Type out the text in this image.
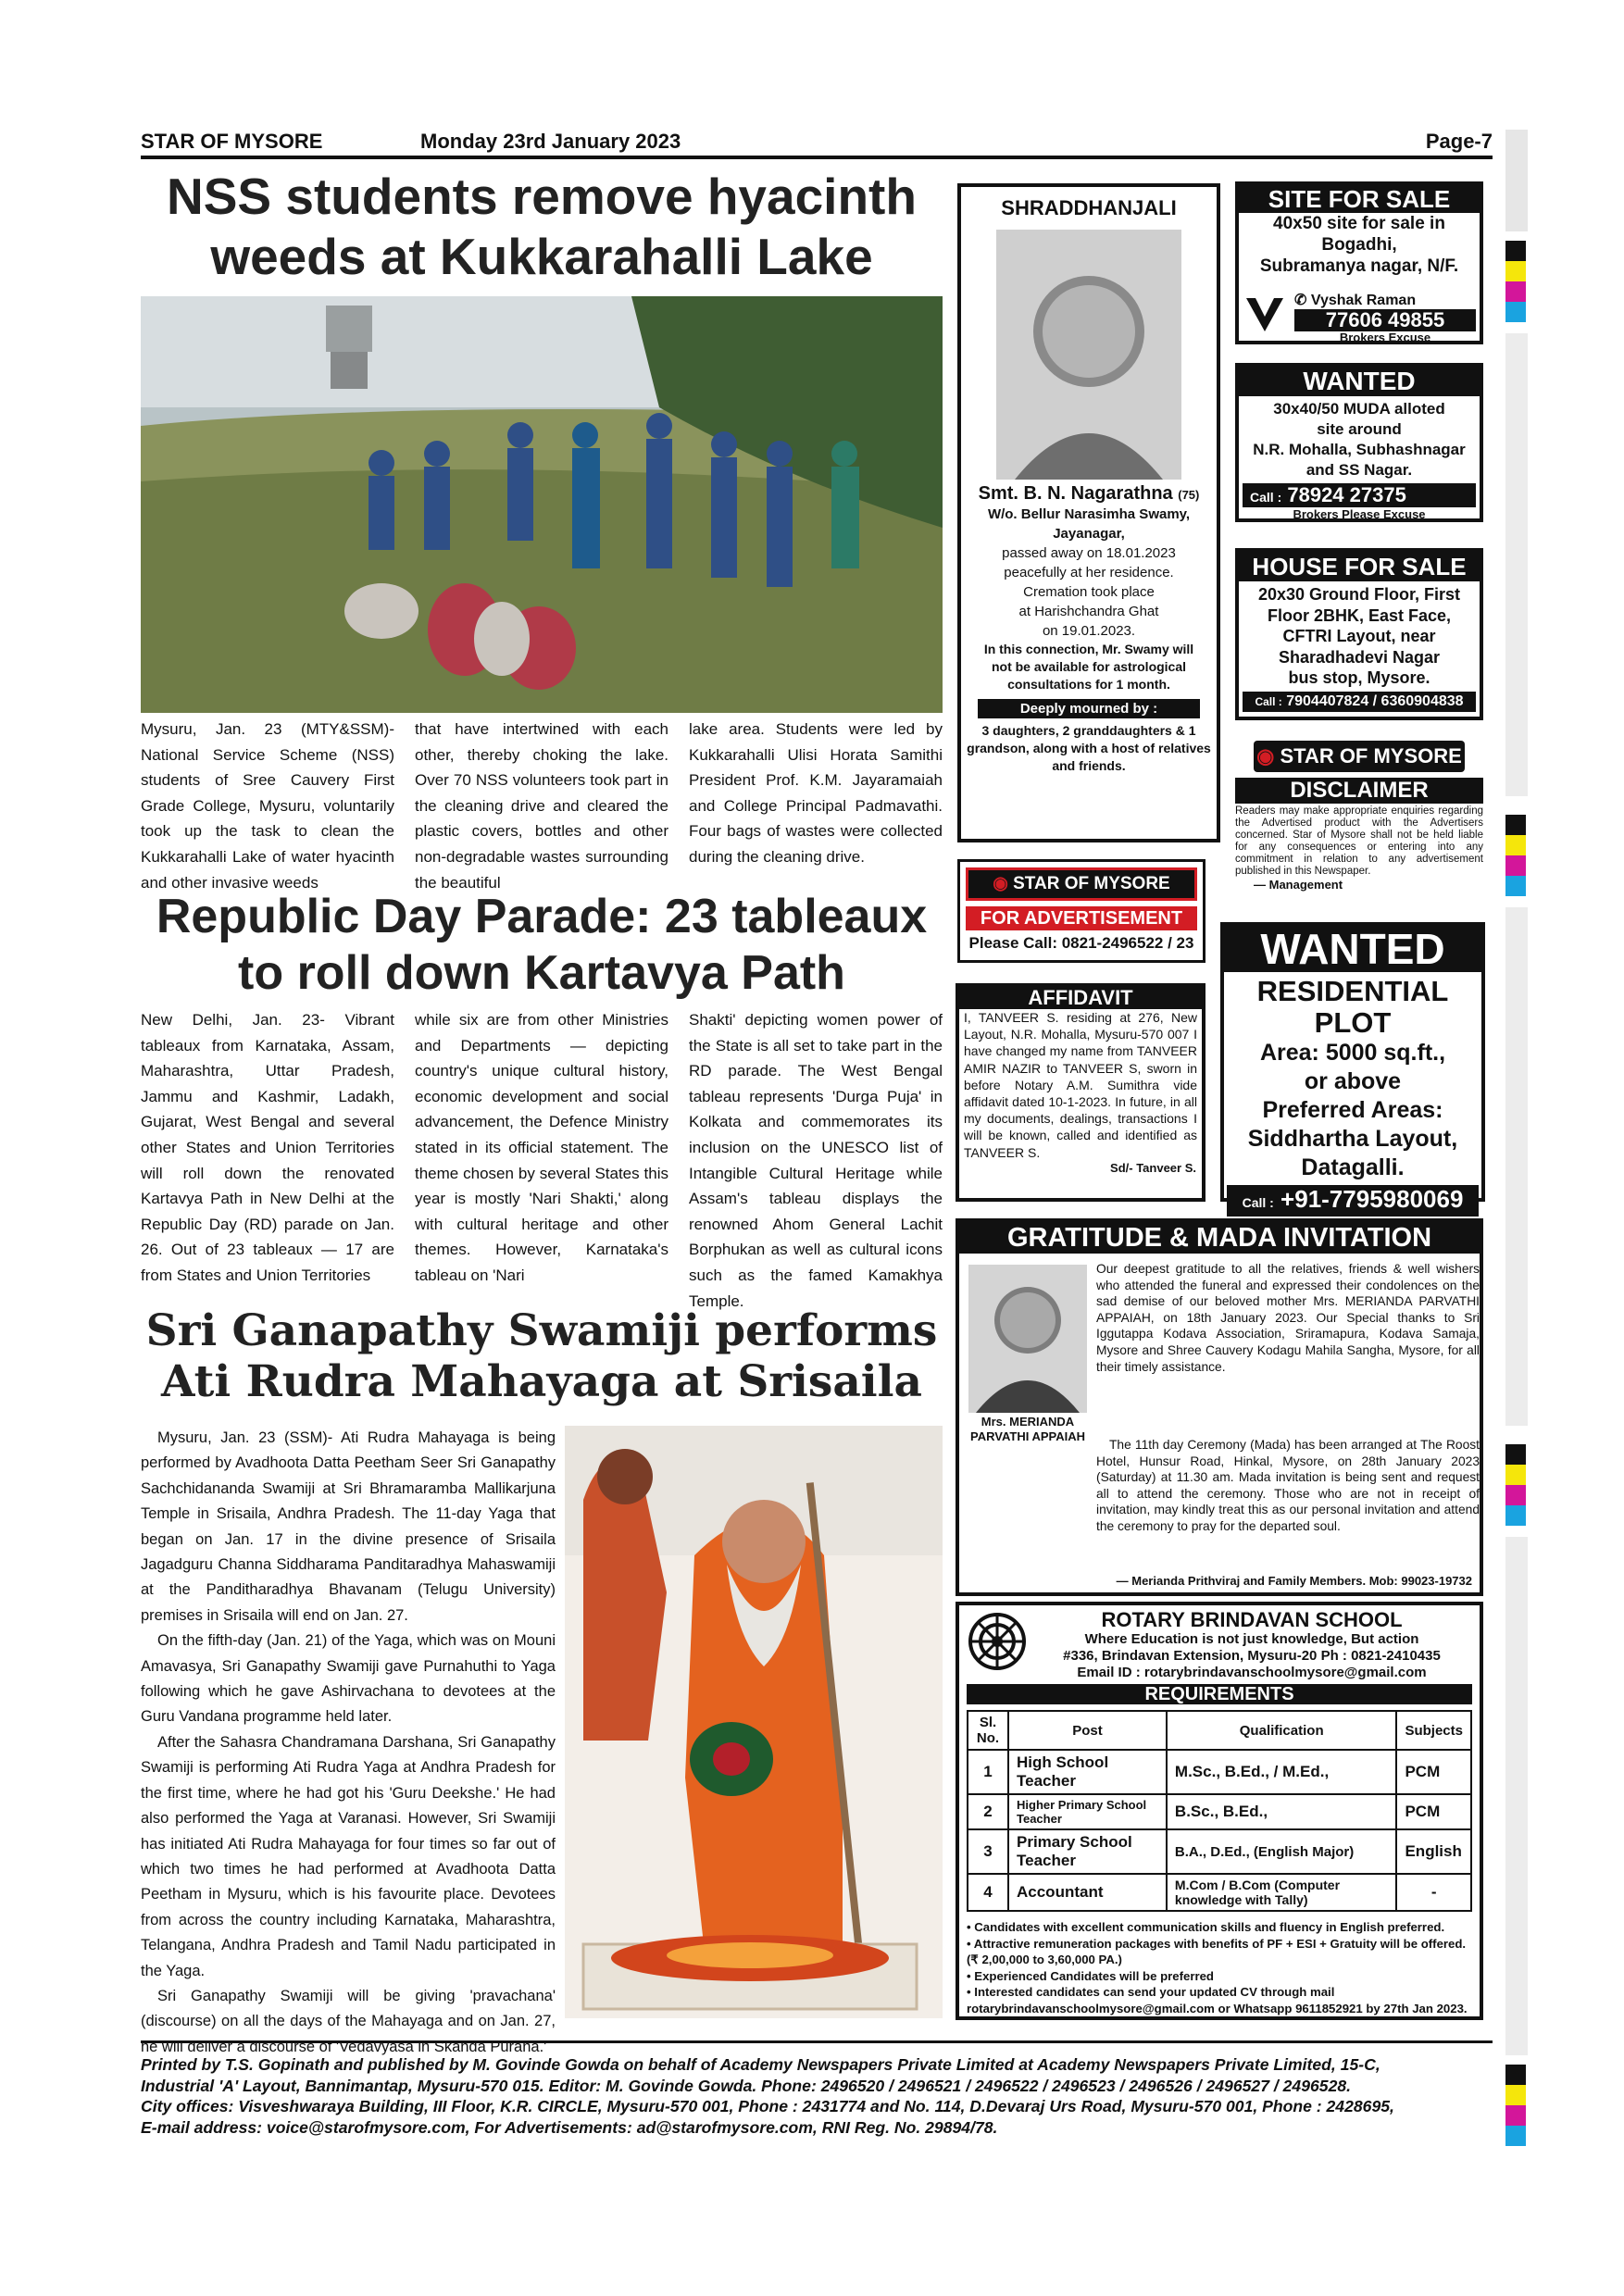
STAR OF MYSORE	Monday 23rd January 2023	Page-7
NSS students remove hyacinth
weeds at Kukkarahalli Lake

Mysuru, Jan. 23 (MTY&SSM)- National Service Scheme (NSS) students of Sree Cauvery First Grade College, Mysuru, voluntarily took up the task to clean the Kukkarahalli Lake of water hyacinth and other invasive weeds

that have intertwined with each other, thereby choking the lake. Over 70 NSS volunteers took part in the cleaning drive and cleared the plastic covers, bottles and other non-degradable wastes surrounding the beautiful

lake area. Students were led by Kukkarahalli Ulisi Horata Samithi President Prof. K.M. Jayaramaiah and College Principal Padmavathi. Four bags of wastes were collected during the cleaning drive.

Republic Day Parade: 23 tableaux
to roll down Kartavya Path

New Delhi, Jan. 23- Vibrant tableaux from Karnataka, Assam, Maharashtra, Uttar Pradesh, Jammu and Kashmir, Ladakh, Gujarat, West Bengal and several other States and Union Territories will roll down the renovated Kartavya Path in New Delhi at the Republic Day (RD) parade on Jan. 26. Out of 23 tableaux — 17 are from States and Union Territories

while six are from other Ministries and Departments — depicting country's unique cultural history, economic development and social advancement, the Defence Ministry stated in its official statement. The theme chosen by several States this year is mostly 'Nari Shakti,' along with cultural heritage and other themes. However, Karnataka's tableau on 'Nari

Shakti' depicting women power of the State is all set to take part in the RD parade. The West Bengal tableau represents 'Durga Puja' in Kolkata and commemorates its inclusion on the UNESCO list of Intangible Cultural Heritage while Assam's tableau displays the renowned Ahom General Lachit Borphukan as well as cultural icons such as the famed Kamakhya Temple.

Sri Ganapathy Swamiji performs
Ati Rudra Mahayaga at Srisaila

Mysuru, Jan. 23 (SSM)- Ati Rudra Mahayaga is being performed by Avadhoota Datta Peetham Seer Sri Ganapathy Sachchidananda Swamiji at Sri Bhramaramba Mallikarjuna Temple in Srisaila, Andhra Pradesh. The 11-day Yaga that began on Jan. 17 in the divine presence of Srisaila Jagadguru Channa Siddharama Panditaradhya Mahaswamiji at the Panditharadhya Bhavanam (Telugu University) premises in Srisaila will end on Jan. 27.

On the fifth-day (Jan. 21) of the Yaga, which was on Mouni Amavasya, Sri Ganapathy Swamiji gave Purnahuthi to Yaga following which he gave Ashirvachana to devotees at the Guru Vandana programme held later.

After the Sahasra Chandramana Darshana, Sri Ganapathy Swamiji is performing Ati Rudra Yaga at Andhra Pradesh for the first time, where he had got his 'Guru Deekshe.' He had also performed the Yaga at Varanasi. However, Sri Swamiji has initiated Ati Rudra Mahayaga for four times so far out of which two times he had performed at Avadhoota Datta Peetham in Mysuru, which is his favourite place. Devotees from across the country including Karnataka, Maharashtra, Telangana, Andhra Pradesh and Tamil Nadu participated in the Yaga.

Sri Ganapathy Swamiji will be giving 'pravachana' (discourse) on all the days of the Mahayaga and on Jan. 27, he will deliver a discourse of 'Vedavyasa in Skanda Purana.'

SHRADDHANJALI
Smt. B. N. Nagarathna (75)
W/o. Bellur Narasimha Swamy,
Jayanagar,
passed away on 18.01.2023
peacefully at her residence.
Cremation took place
at Harishchandra Ghat
on 19.01.2023.
In this connection, Mr. Swamy will not be available for astrological consultations for 1 month.
Deeply mourned by :
3 daughters, 2 granddaughters & 1 grandson, along with a host of relatives and friends.
SITE FOR SALE
40x50 site for sale in
Bogadhi,
Subramanya nagar, N/F.
✆ Vyshak Raman
77606 49855
Brokers Excuse
WANTED
30x40/50 MUDA alloted
site around
N.R. Mohalla, Subhashnagar
and SS Nagar.
Call : 78924 27375
Brokers Please Excuse
HOUSE FOR SALE
20x30 Ground Floor, First
Floor 2BHK, East Face,
CFTRI Layout, near
Sharadhadevi Nagar
bus stop, Mysore.
Call : 7904407824 / 6360904838
◉ STAR OF MYSORE
DISCLAIMER
Readers may make appropriate enquiries regarding the Advertised product with the Advertisers concerned. Star of Mysore shall not be held liable for any consequences or entering into any commitment in relation to any advertisement published in this Newspaper.
— Management
◉ STAR OF MYSORE
FOR ADVERTISEMENT
Please Call: 0821-2496522 / 23
AFFIDAVIT
I, TANVEER S. residing at 276, New Layout, N.R. Mohalla, Mysuru-570 007 I have changed my name from TANVEER AMIR NAZIR to TANVEER S, sworn in before Notary A.M. Sumithra vide affidavit dated 10-1-2023. In future, in all my documents, dealings, transactions I will be known, called and identified as TANVEER S.
Sd/- Tanveer S.
WANTED
RESIDENTIAL
PLOT
Area: 5000 sq.ft.,
or above
Preferred Areas:
Siddhartha Layout,
Datagalli.
Call : +91-7795980069
GRATITUDE & MADA INVITATION
Mrs. MERIANDA PARVATHI APPAIAH
Our deepest gratitude to all the relatives, friends & well wishers who attended the funeral and expressed their condolences on the sad demise of our beloved mother Mrs. MERIANDA PARVATHI APPAIAH, on 18th January 2023. Our Special thanks to Sri Iggutappa Kodava Association, Sriramapura, Kodava Samaja, Mysore and Shree Cauvery Kodagu Mahila Sangha, Mysore, for all their timely assistance.
The 11th day Ceremony (Mada) has been arranged at The Roost Hotel, Hunsur Road, Hinkal, Mysore, on 28th January 2023 (Saturday) at 11.30 am. Mada invitation is being sent and request all to attend the ceremony. Those who are not in receipt of invitation, may kindly treat this as our personal invitation and attend the ceremony to pray for the departed soul.
— Merianda Prithviraj and Family Members. Mob: 99023-19732
ROTARY BRINDAVAN SCHOOL
Where Education is not just knowledge, But action
#336, Brindavan Extension, Mysuru-20 Ph : 0821-2410435
Email ID : rotarybrindavanschoolmysore@gmail.com
REQUIREMENTS
Sl. No.	Post	Qualification	Subjects
1	High School Teacher	M.Sc., B.Ed., / M.Ed.,	PCM
2	Higher Primary School Teacher	B.Sc., B.Ed.,	PCM
3	Primary School Teacher	B.A., D.Ed., (English Major)	English
4	Accountant	M.Com / B.Com (Computer knowledge with Tally)	-
• Candidates with excellent communication skills and fluency in English preferred.
• Attractive remuneration packages with benefits of PF + ESI + Gratuity will be offered. (₹ 2,00,000 to 3,60,000 PA.)
• Experienced Candidates will be preferred
• Interested candidates can send your updated CV through mail rotarybrindavanschoolmysore@gmail.com or Whatsapp 9611852921 by 27th Jan 2023.
Printed by T.S. Gopinath and published by M. Govinde Gowda on behalf of Academy Newspapers Private Limited at Academy Newspapers Private Limited, 15-C,
Industrial 'A' Layout, Bannimantap, Mysuru-570 015. Editor: M. Govinde Gowda. Phone: 2496520 / 2496521 / 2496522 / 2496523 / 2496526 / 2496527 / 2496528.
City offices: Visveshwaraya Building, III Floor, K.R. CIRCLE, Mysuru-570 001, Phone : 2431774 and No. 114, D.Devaraj Urs Road, Mysuru-570 001, Phone : 2428695,
E-mail address: voice@starofmysore.com, For Advertisements: ad@starofmysore.com, RNI Reg. No. 29894/78.
